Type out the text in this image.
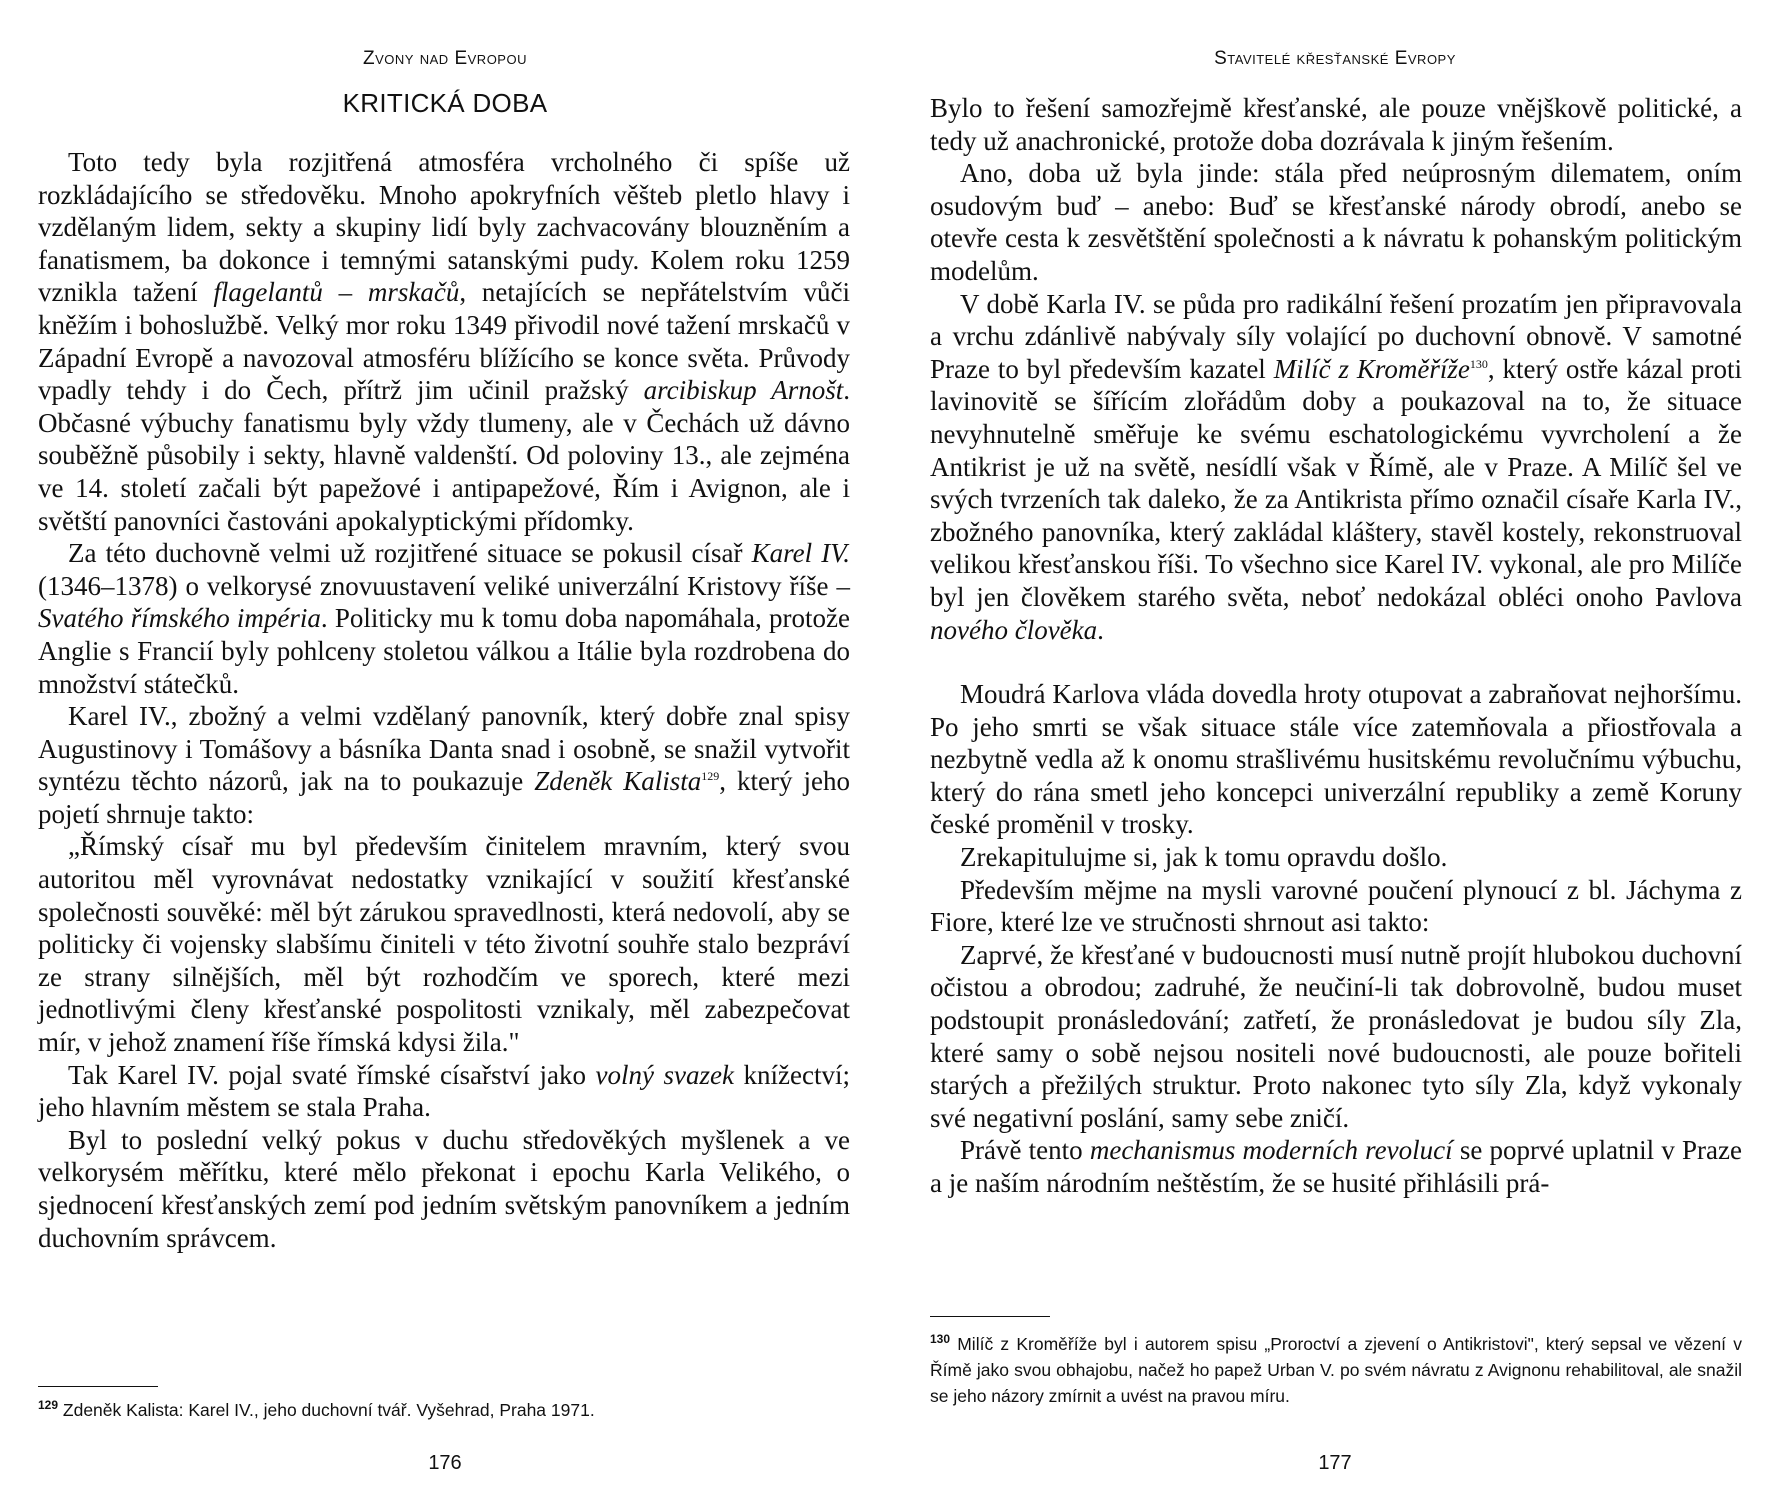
Zvony nad Evropou
KRITICKÁ DOBA

Toto tedy byla rozjitřená atmosféra vrcholného či spíše už rozkládajícího se středověku. Mnoho apokryfních věšteb pletlo hlavy i vzdělaným lidem, sekty a skupiny lidí byly zachvacovány blouzněním a fanatismem, ba dokonce i temnými satanskými pudy. Kolem roku 1259 vznikla tažení flagelantů – mrskačů, netajících se nepřátelstvím vůči kněžím i bohoslužbě. Velký mor roku 1349 přivodil nové tažení mrskačů v Západní Evropě a navozoval atmosféru blížícího se konce světa. Průvody vpadly tehdy i do Čech, přítrž jim učinil pražský arcibiskup Arnošt. Občasné výbuchy fanatismu byly vždy tlumeny, ale v Čechách už dávno souběžně působily i sekty, hlavně valdenští. Od poloviny 13., ale zejména ve 14. století začali být papežové i antipapežové, Řím i Avignon, ale i světští panovníci častováni apokalyptickými přídomky.

Za této duchovně velmi už rozjitřené situace se pokusil císař Karel IV. (1346–1378) o velkorysé znovuustavení veliké univerzální Kristovy říše – Svatého římského impéria. Politicky mu k tomu doba napomáhala, protože Anglie s Francií byly pohlceny stoletou válkou a Itálie byla rozdrobena do množství státečků.

Karel IV., zbožný a velmi vzdělaný panovník, který dobře znal spisy Augustinovy i Tomášovy a básníka Danta snad i osobně, se snažil vytvořit syntézu těchto názorů, jak na to poukazuje Zdeněk Kalista$^{129}$, který jeho pojetí shrnuje takto:

„Římský císař mu byl především činitelem mravním, který svou autoritou měl vyrovnávat nedostatky vznikající v soužití křesťanské společnosti souvěké: měl být zárukou spravedlnosti, která nedovolí, aby se politicky či vojensky slabšímu činiteli v této životní souhře stalo bezpráví ze strany silnějších, měl být rozhodčím ve sporech, které mezi jednotlivými členy křesťanské pospolitosti vznikaly, měl zabezpečovat mír, v jehož znamení říše římská kdysi žila."

Tak Karel IV. pojal svaté římské císařství jako volný svazek knížectví; jeho hlavním městem se stala Praha.

Byl to poslední velký pokus v duchu středověkých myšlenek a ve velkorysém měřítku, které mělo překonat i epochu Karla Velikého, o sjednocení křesťanských zemí pod jedním světským panovníkem a jedním duchovním správcem.

$^{129}$ Zdeněk Kalista: Karel IV., jeho duchovní tvář. Vyšehrad, Praha 1971.
176
Stavitelé křesťanské Evropy

Bylo to řešení samozřejmě křesťanské, ale pouze vnějškově politické, a tedy už anachronické, protože doba dozrávala k jiným řešením.

Ano, doba už byla jinde: stála před neúprosným dilematem, oním osudovým buď – anebo: Buď se křesťanské národy obrodí, anebo se otevře cesta k zesvětštění společnosti a k návratu k pohanským politickým modelům.

V době Karla IV. se půda pro radikální řešení prozatím jen připravovala a vrchu zdánlivě nabývaly síly volající po duchovní obnově. V samotné Praze to byl především kazatel Milíč z Kroměříže$^{130}$, který ostře kázal proti lavinovitě se šířícím zlořádům doby a poukazoval na to, že situace nevyhnutelně směřuje ke svému eschatologickému vyvrcholení a že Antikrist je už na světě, nesídlí však v Římě, ale v Praze. A Milíč šel ve svých tvrzeních tak daleko, že za Antikrista přímo označil císaře Karla IV., zbožného panovníka, který zakládal kláštery, stavěl kostely, rekonstruoval velikou křesťanskou říši. To všechno sice Karel IV. vykonal, ale pro Milíče byl jen člověkem starého světa, neboť nedokázal obléci onoho Pavlova nového člověka.

Moudrá Karlova vláda dovedla hroty otupovat a zabraňovat nejhoršímu. Po jeho smrti se však situace stále více zatemňovala a přiostřovala a nezbytně vedla až k onomu strašlivému husitskému revolučnímu výbuchu, který do rána smetl jeho koncepci univerzální republiky a země Koruny české proměnil v trosky.

Zrekapitulujme si, jak k tomu opravdu došlo.

Především mějme na mysli varovné poučení plynoucí z bl. Jáchyma z Fiore, které lze ve stručnosti shrnout asi takto:

Zaprvé, že křesťané v budoucnosti musí nutně projít hlubokou duchovní očistou a obrodou; zadruhé, že neučiní-li tak dobrovolně, budou muset podstoupit pronásledování; zatřetí, že pronásledovat je budou síly Zla, které samy o sobě nejsou nositeli nové budoucnosti, ale pouze bořiteli starých a přežilých struktur. Proto nakonec tyto síly Zla, když vykonaly své negativní poslání, samy sebe zničí.

Právě tento mechanismus moderních revolucí se poprvé uplatnil v Praze a je naším národním neštěstím, že se husité přihlásili prá-

$^{130}$ Milíč z Kroměříže byl i autorem spisu „Proroctví a zjevení o Antikristovi", který sepsal ve vězení v Římě jako svou obhajobu, načež ho papež Urban V. po svém návratu z Avignonu rehabilitoval, ale snažil se jeho názory zmírnit a uvést na pravou míru.
177
